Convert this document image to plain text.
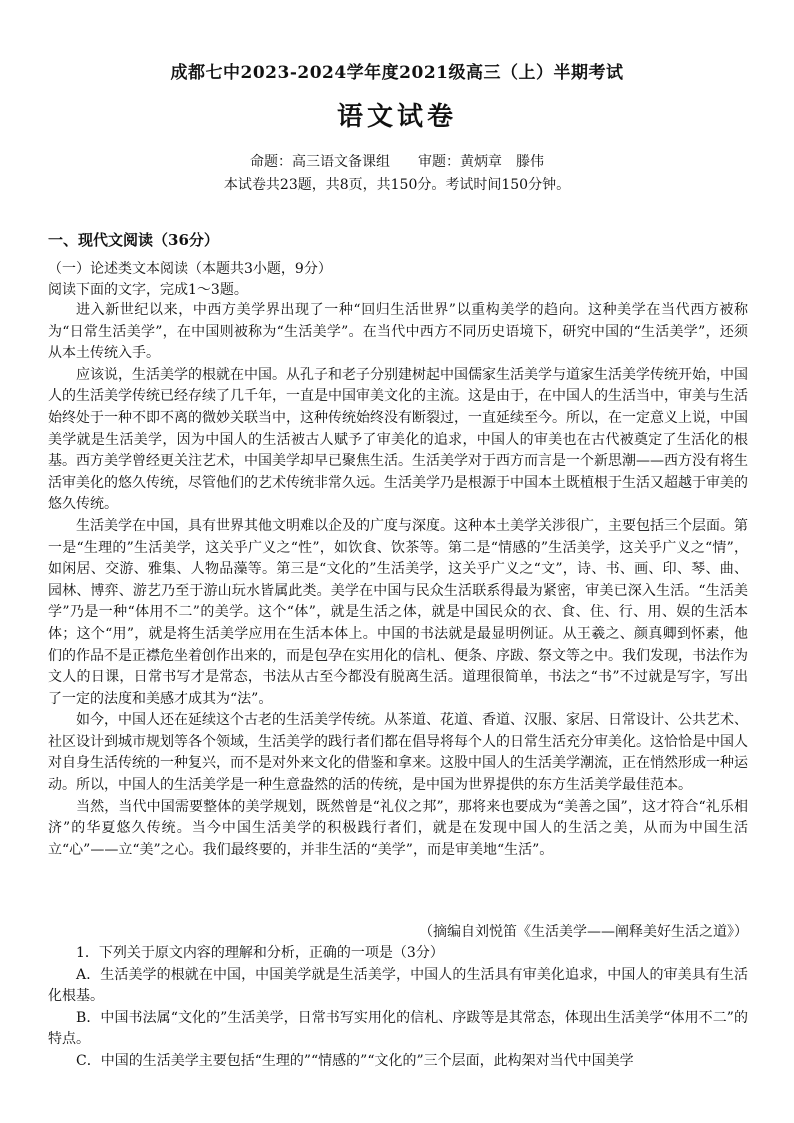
成都七中2023-2024学年度2021级高三（上）半期考试
语文试卷
命题：高三语文备课组　　审题：黄炳章　滕伟
本试卷共23题，共8页，共150分。考试时间150分钟。
一、现代文阅读（36分）
（一）论述类文本阅读（本题共3小题，9分）
阅读下面的文字，完成1～3题。

进入新世纪以来，中西方美学界出现了一种“回归生活世界”以重构美学的趋向。这种美学在当代西方被称为“日常生活美学”，在中国则被称为“生活美学”。在当代中西方不同历史语境下，研究中国的“生活美学”，还须从本土传统入手。

应该说，生活美学的根就在中国。从孔子和老子分别建树起中国儒家生活美学与道家生活美学传统开始，中国人的生活美学传统已经存续了几千年，一直是中国审美文化的主流。这是由于，在中国人的生活当中，审美与生活始终处于一种不即不离的微妙关联当中，这种传统始终没有断裂过，一直延续至今。所以，在一定意义上说，中国美学就是生活美学，因为中国人的生活被古人赋予了审美化的追求，中国人的审美也在古代被奠定了生活化的根基。西方美学曾经更关注艺术，中国美学却早已聚焦生活。生活美学对于西方而言是一个新思潮——西方没有将生活审美化的悠久传统，尽管他们的艺术传统非常久远。生活美学乃是根源于中国本土既植根于生活又超越于审美的悠久传统。

生活美学在中国，具有世界其他文明难以企及的广度与深度。这种本土美学关涉很广，主要包括三个层面。第一是“生理的”生活美学，这关乎广义之“性”，如饮食、饮茶等。第二是“情感的”生活美学，这关乎广义之“情”，如闲居、交游、雅集、人物品藻等。第三是“文化的”生活美学，这关乎广义之“文”，诗、书、画、印、琴、曲、园林、博弈、游艺乃至于游山玩水皆属此类。美学在中国与民众生活联系得最为紧密，审美已深入生活。“生活美学”乃是一种“体用不二”的美学。这个“体”，就是生活之体，就是中国民众的衣、食、住、行、用、娱的生活本体；这个“用”，就是将生活美学应用在生活本体上。中国的书法就是最显明例证。从王羲之、颜真卿到怀素，他们的作品不是正襟危坐着创作出来的，而是包孕在实用化的信札、便条、序跋、祭文等之中。我们发现，书法作为文人的日课，日常书写才是常态，书法从古至今都没有脱离生活。道理很简单，书法之“书”不过就是写字，写出了一定的法度和美感才成其为“法”。

如今，中国人还在延续这个古老的生活美学传统。从茶道、花道、香道、汉服、家居、日常设计、公共艺术、社区设计到城市规划等各个领域，生活美学的践行者们都在倡导将每个人的日常生活充分审美化。这恰恰是中国人对自身生活传统的一种复兴，而不是对外来文化的借鉴和拿来。这股中国人的生活美学潮流，正在悄然形成一种运动。所以，中国人的生活美学是一种生意盎然的活的传统，是中国为世界提供的东方生活美学最佳范本。

当然，当代中国需要整体的美学规划，既然曾是“礼仪之邦”，那将来也要成为“美善之国”，这才符合“礼乐相济”的华夏悠久传统。当今中国生活美学的积极践行者们，就是在发现中国人的生活之美，从而为中国生活立“心”——立“美”之心。我们最终要的，并非生活的“美学”，而是审美地“生活”。

（摘编自刘悦笛《生活美学——阐释美好生活之道》）

1．下列关于原文内容的理解和分析，正确的一项是（3分）

A．生活美学的根就在中国，中国美学就是生活美学，中国人的生活具有审美化追求，中国人的审美具有生活化根基。

B．中国书法属“文化的”生活美学，日常书写实用化的信札、序跋等是其常态，体现出生活美学“体用不二”的特点。

C．中国的生活美学主要包括“生理的”“情感的”“文化的”三个层面，此构架对当代中国美学
